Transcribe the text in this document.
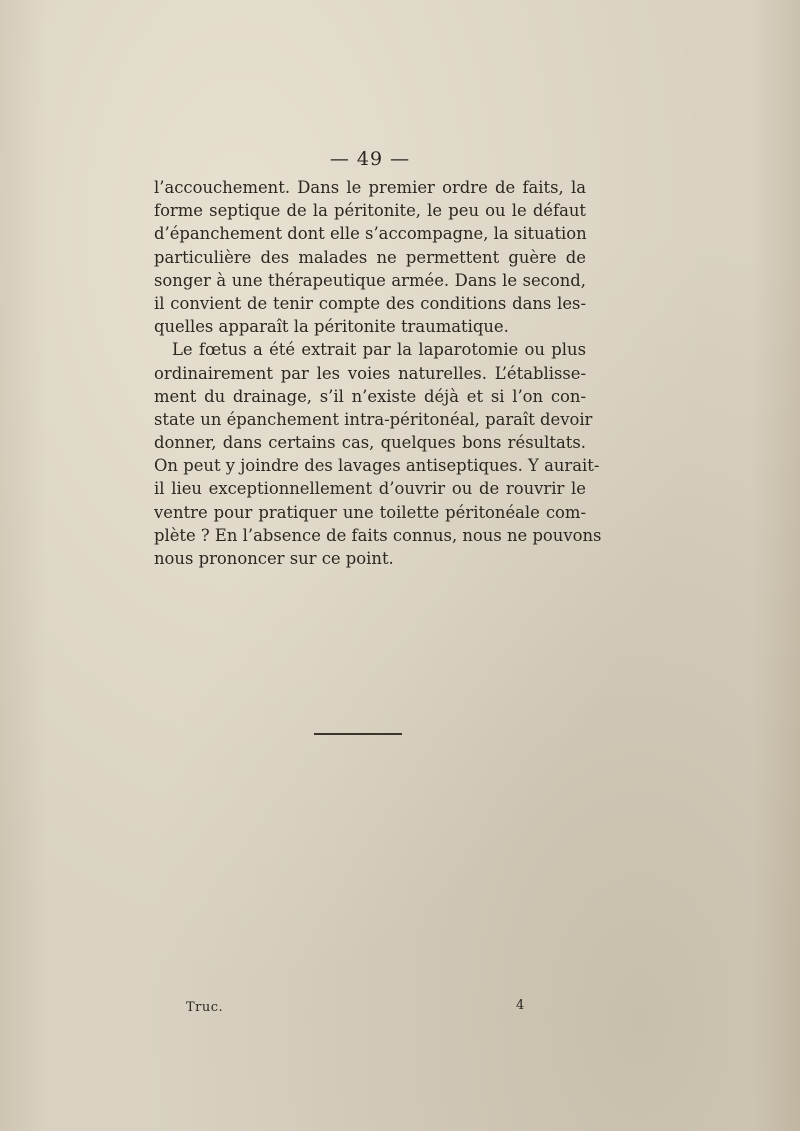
— 49 —
l’accouchement. Dans le premier ordre de faits, la
forme septique de la péritonite, le peu ou le défaut
d’épanchement dont elle s’accompagne, la situation
particulière des malades ne permettent guère de
songer à une thérapeutique armée. Dans le second,
il convient de tenir compte des conditions dans les-
quelles apparaît la péritonite traumatique.
Le fœtus a été extrait par la laparotomie ou plus
ordinairement par les voies naturelles. L’établisse-
ment du drainage, s’il n’existe déjà et si l’on con-
state un épanchement intra-péritonéal, paraît devoir
donner, dans certains cas, quelques bons résultats.
On peut y joindre des lavages antiseptiques. Y aurait-
il lieu exceptionnellement d’ouvrir ou de rouvrir le
ventre pour pratiquer une toilette péritonéale com-
plète ? En l’absence de faits connus, nous ne pouvons
nous prononcer sur ce point.
Truc.	4
